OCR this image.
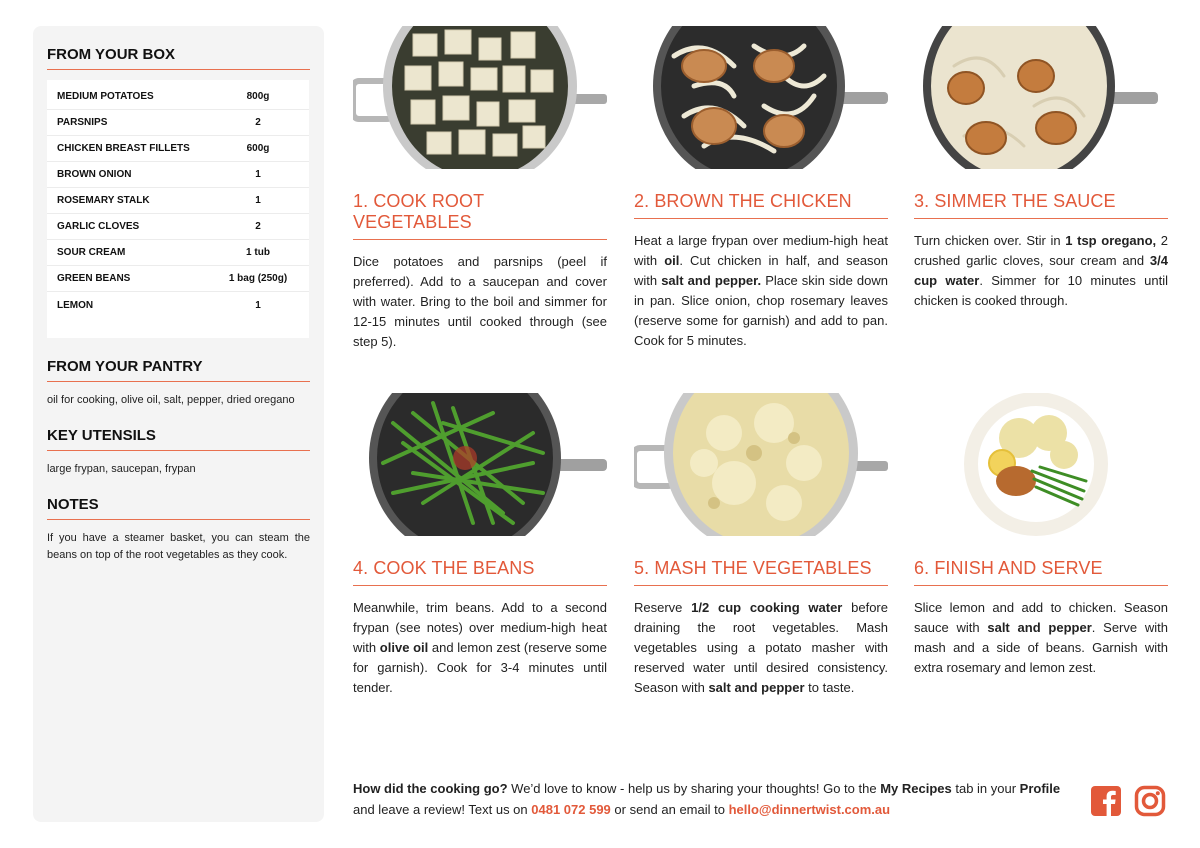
FROM YOUR BOX
MEDIUM POTATOES	800g
PARSNIPS	2
CHICKEN BREAST FILLETS	600g
BROWN ONION	1
ROSEMARY STALK	1
GARLIC CLOVES	2
SOUR CREAM	1 tub
GREEN BEANS	1 bag (250g)
LEMON	1
FROM YOUR PANTRY
oil for cooking, olive oil, salt, pepper, dried oregano
KEY UTENSILS
large frypan, saucepan, frypan
NOTES
If you have a steamer basket, you can steam the beans on top of the root vegetables as they cook.
1. COOK ROOT VEGETABLES
Dice potatoes and parsnips (peel if preferred). Add to a saucepan and cover with water. Bring to the boil and simmer for 12-15 minutes until cooked through (see step 5).
2. BROWN THE CHICKEN
Heat a large frypan over medium-high heat with oil. Cut chicken in half, and season with salt and pepper. Place skin side down in pan. Slice onion, chop rosemary leaves (reserve some for garnish) and add to pan. Cook for 5 minutes.
3. SIMMER THE SAUCE
Turn chicken over. Stir in 1 tsp oregano, 2 crushed garlic cloves, sour cream and 3/4 cup water. Simmer for 10 minutes until chicken is cooked through.
4. COOK THE BEANS
Meanwhile, trim beans. Add to a second frypan (see notes) over medium-high heat with olive oil and lemon zest (reserve some for garnish). Cook for 3-4 minutes until tender.
5. MASH THE VEGETABLES
Reserve 1/2 cup cooking water before draining the root vegetables. Mash vegetables using a potato masher with reserved water until desired consistency. Season with salt and pepper to taste.
6. FINISH AND SERVE
Slice lemon and add to chicken. Season sauce with salt and pepper. Serve with mash and a side of beans. Garnish with extra rosemary and lemon zest.
How did the cooking go? We’d love to know - help us by sharing your thoughts! Go to the My Recipes tab in your Profile and leave a review! Text us on 0481 072 599 or send an email to hello@dinnertwist.com.au
